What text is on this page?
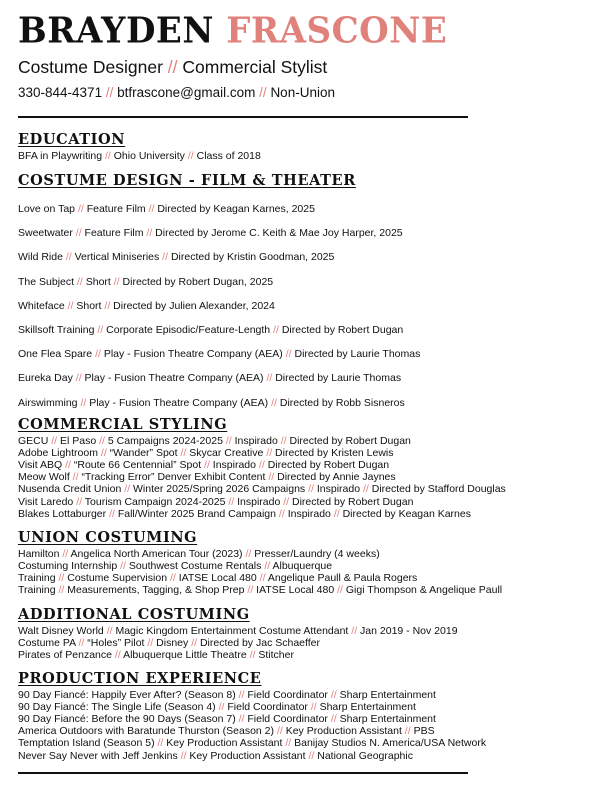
BRAYDEN FRASCONE
Costume Designer // Commercial Stylist
330-844-4371 // btfrascone@gmail.com // Non-Union
EDUCATION
BFA in Playwriting // Ohio University // Class of 2018
COSTUME DESIGN - FILM & THEATER
Love on Tap // Feature Film // Directed by Keagan Karnes, 2025
Sweetwater // Feature Film // Directed by Jerome C. Keith & Mae Joy Harper, 2025
Wild Ride // Vertical Miniseries // Directed by Kristin Goodman, 2025
The Subject // Short // Directed by Robert Dugan, 2025
Whiteface // Short // Directed by Julien Alexander, 2024
Skillsoft Training // Corporate Episodic/Feature-Length // Directed by Robert Dugan
One Flea Spare // Play - Fusion Theatre Company (AEA) // Directed by Laurie Thomas
Eureka Day // Play - Fusion Theatre Company (AEA) // Directed by Laurie Thomas
Airswimming // Play - Fusion Theatre Company (AEA) // Directed by Robb Sisneros
COMMERCIAL STYLING
GECU // El Paso // 5 Campaigns 2024-2025 // Inspirado // Directed by Robert Dugan
Adobe Lightroom // “Wander” Spot // Skycar Creative // Directed by Kristen Lewis
Visit ABQ // “Route 66 Centennial” Spot // Inspirado // Directed by Robert Dugan
Meow Wolf // “Tracking Error” Denver Exhibit Content // Directed by Annie Jaynes
Nusenda Credit Union // Winter 2025/Spring 2026 Campaigns // Inspirado // Directed by Stafford Douglas
Visit Laredo // Tourism Campaign 2024-2025 // Inspirado // Directed by Robert Dugan
Blakes Lottaburger // Fall/Winter 2025 Brand Campaign // Inspirado // Directed by Keagan Karnes
UNION COSTUMING
Hamilton // Angelica North American Tour (2023) // Presser/Laundry (4 weeks)
Costuming Internship // Southwest Costume Rentals // Albuquerque
Training // Costume Supervision // IATSE Local 480 // Angelique Paull & Paula Rogers
Training // Measurements, Tagging, & Shop Prep // IATSE Local 480 // Gigi Thompson & Angelique Paull
ADDITIONAL COSTUMING
Walt Disney World // Magic Kingdom Entertainment Costume Attendant // Jan 2019 - Nov 2019
Costume PA // “Holes” Pilot // Disney // Directed by Jac Schaeffer
Pirates of Penzance // Albuquerque Little Theatre // Stitcher
PRODUCTION EXPERIENCE
90 Day Fiancé: Happily Ever After? (Season 8) // Field Coordinator // Sharp Entertainment
90 Day Fiancé: The Single Life (Season 4) // Field Coordinator // Sharp Entertainment
90 Day Fiancé: Before the 90 Days (Season 7) // Field Coordinator // Sharp Entertainment
America Outdoors with Baratunde Thurston (Season 2) // Key Production Assistant // PBS
Temptation Island (Season 5) // Key Production Assistant // Banijay Studios N. America/USA Network
Never Say Never with Jeff Jenkins // Key Production Assistant // National Geographic
